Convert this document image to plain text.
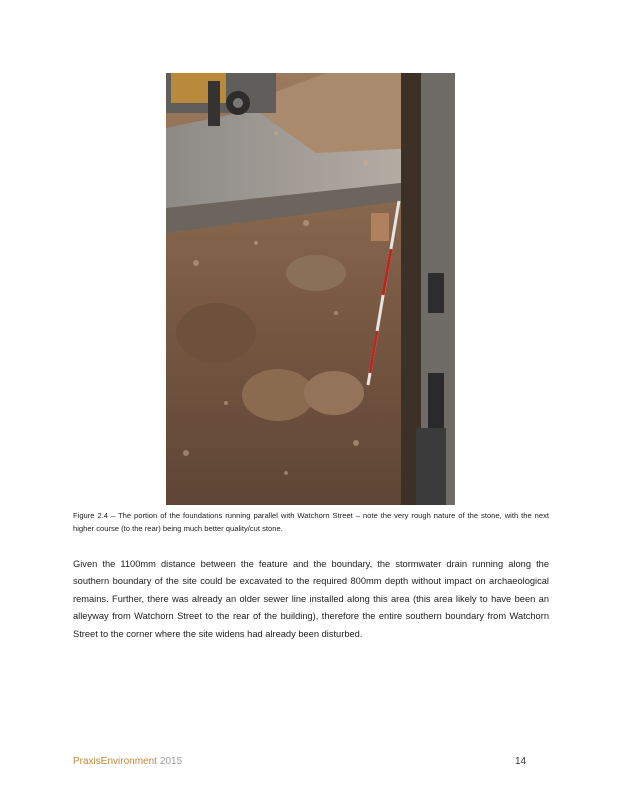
Figure 2.4 – The portion of the foundations running parallel with Watchorn Street – note the very rough nature of the stone, with the next higher course (to the rear) being much better quality/cut stone.
Given the 1100mm distance between the feature and the boundary, the stormwater drain running along the southern boundary of the site could be excavated to the required 800mm depth without impact on archaeological remains. Further, there was already an older sewer line installed along this area (this area likely to have been an alleyway from Watchorn Street to the rear of the building), therefore the entire southern boundary from Watchorn Street to the corner where the site widens had already been disturbed.
PraxisEnvironment 2015	14
